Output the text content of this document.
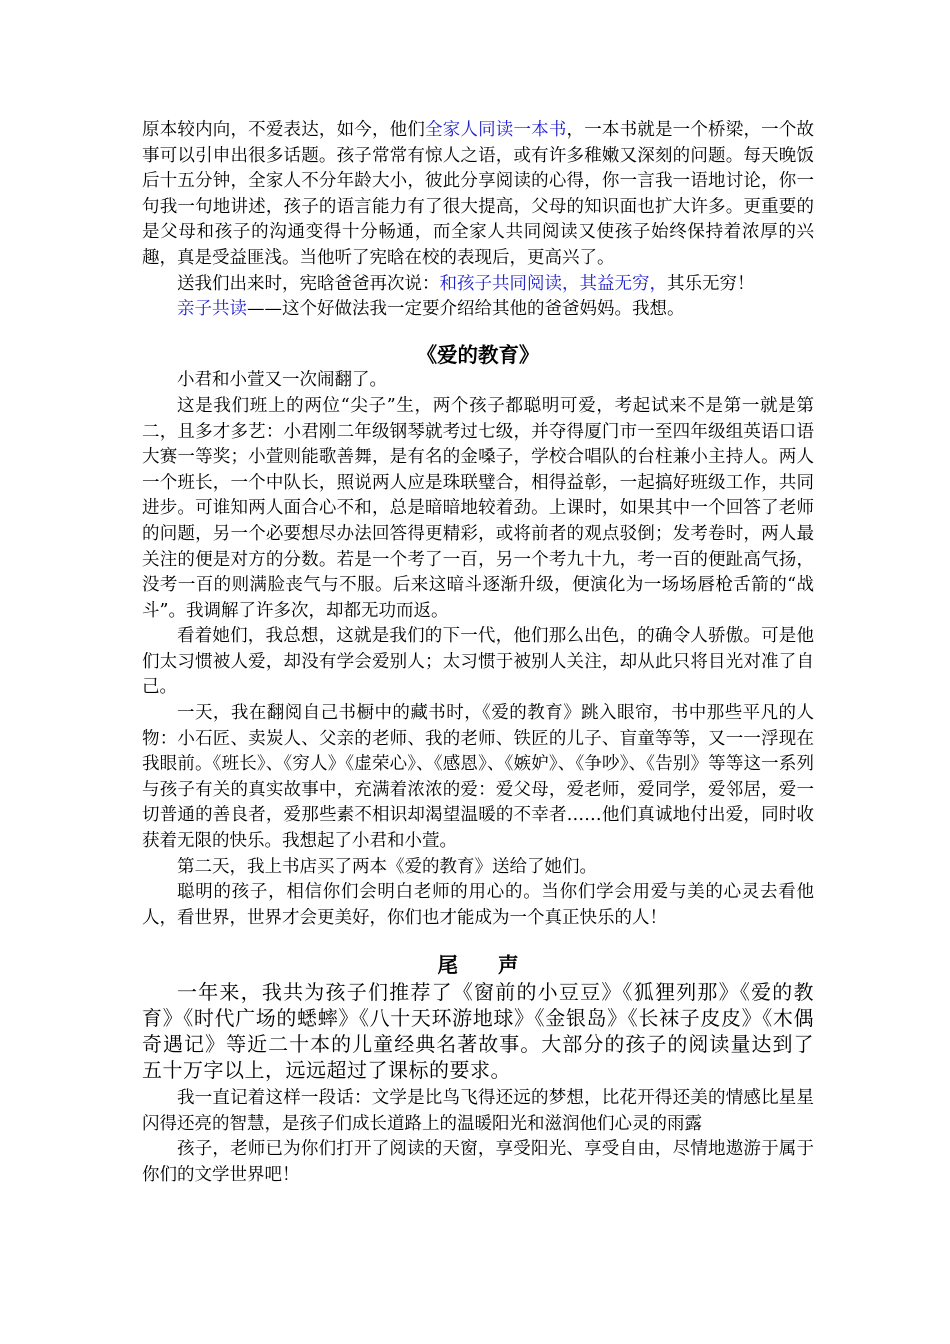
原本较内向，不爱表达，如今，他们全家人同读一本书，一本书就是一个桥梁，一个故事可以引申出很多话题。孩子常常有惊人之语，或有许多稚嫩又深刻的问题。每天晚饭后十五分钟，全家人不分年龄大小，彼此分享阅读的心得，你一言我一语地讨论，你一句我一句地讲述，孩子的语言能力有了很大提高，父母的知识面也扩大许多。更重要的是父母和孩子的沟通变得十分畅通，而全家人共同阅读又使孩子始终保持着浓厚的兴趣，真是受益匪浅。当他听了宪晗在校的表现后，更高兴了。

送我们出来时，宪晗爸爸再次说：和孩子共同阅读，其益无穷，其乐无穷！

亲子共读——这个好做法我一定要介绍给其他的爸爸妈妈。我想。

《爱的教育》

小君和小萱又一次闹翻了。

这是我们班上的两位“尖子”生，两个孩子都聪明可爱，考起试来不是第一就是第二，且多才多艺：小君刚二年级钢琴就考过七级，并夺得厦门市一至四年级组英语口语大赛一等奖；小萱则能歌善舞，是有名的金嗓子，学校合唱队的台柱兼小主持人。两人一个班长，一个中队长，照说两人应是珠联璧合，相得益彰，一起搞好班级工作，共同进步。可谁知两人面合心不和，总是暗暗地较着劲。上课时，如果其中一个回答了老师的问题，另一个必要想尽办法回答得更精彩，或将前者的观点驳倒；发考卷时，两人最关注的便是对方的分数。若是一个考了一百，另一个考九十九，考一百的便趾高气扬，没考一百的则满脸丧气与不服。后来这暗斗逐渐升级，便演化为一场场唇枪舌箭的“战斗”。我调解了许多次，却都无功而返。

看着她们，我总想，这就是我们的下一代，他们那么出色，的确令人骄傲。可是他们太习惯被人爱，却没有学会爱别人；太习惯于被别人关注，却从此只将目光对准了自己。

一天，我在翻阅自己书橱中的藏书时，《爱的教育》跳入眼帘，书中那些平凡的人物：小石匠、卖炭人、父亲的老师、我的老师、铁匠的儿子、盲童等等，又一一浮现在我眼前。《班长》、《穷人》《虚荣心》、《感恩》、《嫉妒》、《争吵》、《告别》等等这一系列与孩子有关的真实故事中，充满着浓浓的爱：爱父母，爱老师，爱同学，爱邻居，爱一切普通的善良者，爱那些素不相识却渴望温暖的不幸者……他们真诚地付出爱，同时收获着无限的快乐。我想起了小君和小萱。

第二天，我上书店买了两本《爱的教育》送给了她们。

聪明的孩子，相信你们会明白老师的用心的。当你们学会用爱与美的心灵去看他人，看世界，世界才会更美好，你们也才能成为一个真正快乐的人！

尾 声

一年来，我共为孩子们推荐了《窗前的小豆豆》《狐狸列那》《爱的教育》《时代广场的蟋蟀》《八十天环游地球》《金银岛》《长袜子皮皮》《木偶奇遇记》等近二十本的儿童经典名著故事。大部分的孩子的阅读量达到了五十万字以上，远远超过了课标的要求。

我一直记着这样一段话：文学是比鸟飞得还远的梦想，比花开得还美的情感比星星闪得还亮的智慧，是孩子们成长道路上的温暖阳光和滋润他们心灵的雨露

孩子，老师已为你们打开了阅读的天窗，享受阳光、享受自由，尽情地遨游于属于你们的文学世界吧！
